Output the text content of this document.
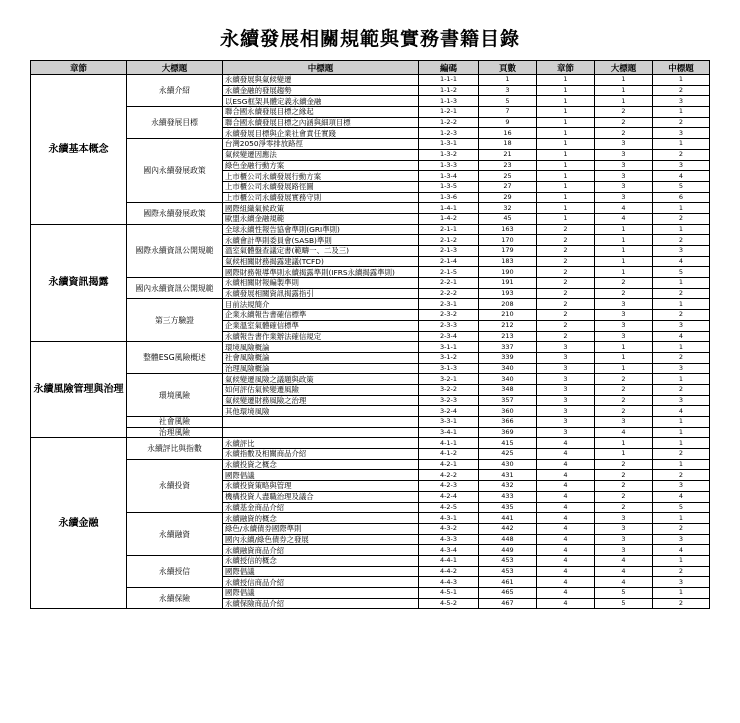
永續發展相關規範與實務書籍目錄
章節	大標題	中標題	編碼	頁數	章節	大標題	中標題
永續基本概念	永續介紹	永續發展與氣候變遷	1-1-1	1	1	1	1
		永續金融的發展趨勢	1-1-2	3	1	1	2
		以ESG框架具體定義永續金融	1-1-3	5	1	1	3
	永續發展目標	聯合國永續發展目標之緣起	1-2-1	7	1	2	1
		聯合國永續發展目標之內涵與細項目標	1-2-2	9	1	2	2
		永續發展目標與企業社會責任實踐	1-2-3	16	1	2	3
	國內永續發展政策	台灣2050淨零排放路徑	1-3-1	18	1	3	1
		氣候變遷因應法	1-3-2	21	1	3	2
		綠色金融行動方案	1-3-3	23	1	3	3
		上市櫃公司永續發展行動方案	1-3-4	25	1	3	4
		上市櫃公司永續發展路徑圖	1-3-5	27	1	3	5
		上市櫃公司永續發展實務守則	1-3-6	29	1	3	6
	國際永續發展政策	國際組織氣候政策	1-4-1	32	1	4	1
		歐盟永續金融規範	1-4-2	45	1	4	2
永續資訊揭露	國際永續資訊公開規範	全球永續性報告協會準則(GRI準則)	2-1-1	163	2	1	1
		永續會計準則委員會(SASB)準則	2-1-2	170	2	1	2
		溫室氣體盤查議定書(範疇一、二及三)	2-1-3	179	2	1	3
		氣候相關財務揭露建議(TCFD)	2-1-4	183	2	1	4
		國際財務報導準則永續揭露準則(IFRS永續揭露準則)	2-1-5	190	2	1	5
	國內永續資訊公開規範	永續相關財報編製準則	2-2-1	191	2	2	1
		永續發展相關資訊揭露指引	2-2-2	193	2	2	2
	第三方驗證	目前法規簡介	2-3-1	208	2	3	1
		企業永續報告書確信標準	2-3-2	210	2	3	2
		企業溫室氣體確信標準	2-3-3	212	2	3	3
		永續報告書作業辦法確信規定	2-3-4	213	2	3	4
永續風險管理與治理	整體ESG風險概述	環境風險概論	3-1-1	337	3	1	1
		社會風險概論	3-1-2	339	3	1	2
		治理風險概論	3-1-3	340	3	1	3
	環境風險	氣候變遷風險之議題與政策	3-2-1	340	3	2	1
		如何評估氣候變遷風險	3-2-2	348	3	2	2
		氣候變遷財務風險之治理	3-2-3	357	3	2	3
		其他環境風險	3-2-4	360	3	2	4
	社會風險		3-3-1	366	3	3	1
	治理風險		3-4-1	369	3	4	1
永續金融	永續評比與指數	永續評比	4-1-1	415	4	1	1
		永續指數及相關商品介紹	4-1-2	425	4	1	2
	永續投資	永續投資之概念	4-2-1	430	4	2	1
		國際倡議	4-2-2	431	4	2	2
		永續投資策略與管理	4-2-3	432	4	2	3
		機構投資人盡職治理及議合	4-2-4	433	4	2	4
		永續基金商品介紹	4-2-5	435	4	2	5
	永續融資	永續融資的概念	4-3-1	441	4	3	1
		綠色/永續債券國際準則	4-3-2	442	4	3	2
		國內永續/綠色債券之發展	4-3-3	448	4	3	3
		永續融資商品介紹	4-3-4	449	4	3	4
	永續授信	永續授信的概念	4-4-1	453	4	4	1
		國際倡議	4-4-2	453	4	4	2
		永續授信商品介紹	4-4-3	461	4	4	3
	永續保險	國際倡議	4-5-1	465	4	5	1
		永續保險商品介紹	4-5-2	467	4	5	2
